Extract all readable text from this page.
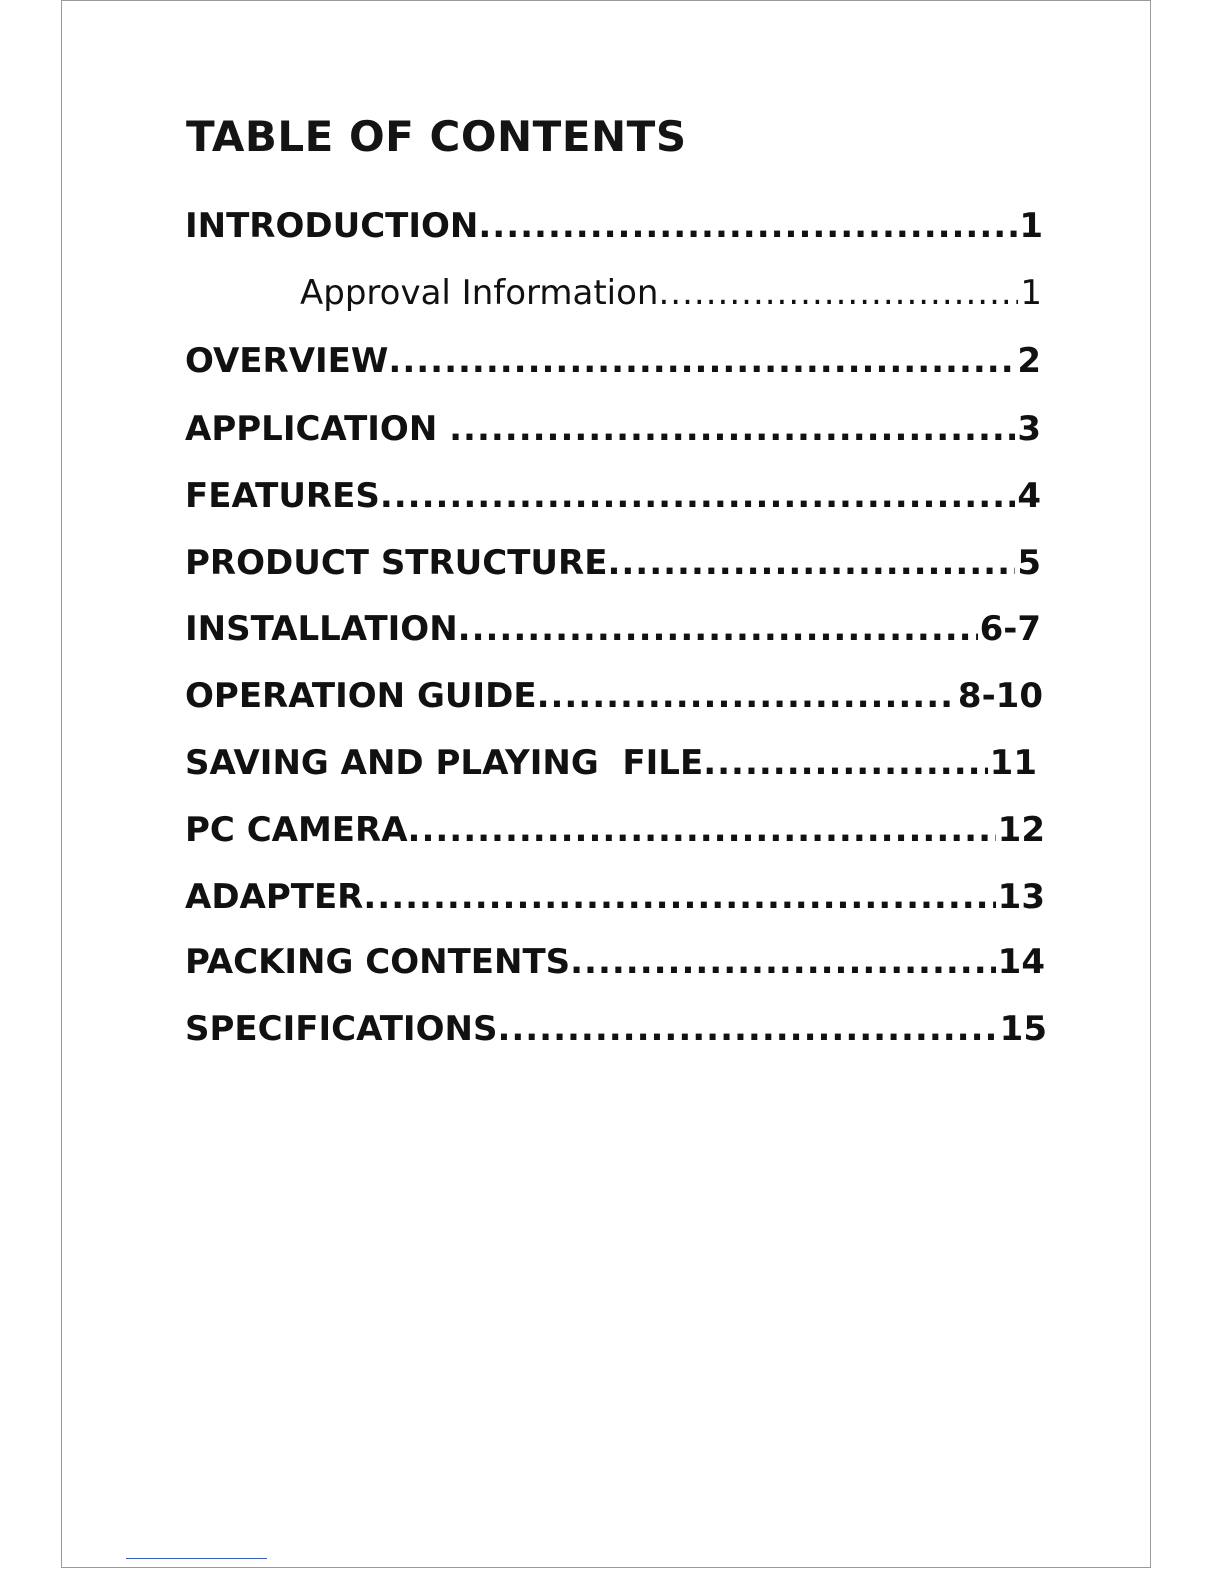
TABLE OF CONTENTS
INTRODUCTION .....	1
Approval Information .....	1
OVERVIEW .....	2
APPLICATION .....	3
FEATURES .....	4
PRODUCT STRUCTURE .....	5
INSTALLATION .....	6-7
OPERATION GUIDE .....	8-10
SAVING AND PLAYING  FILE .....	11
PC CAMERA .....	12
ADAPTER .....	13
PACKING CONTENTS .....	14
SPECIFICATIONS .....	15
